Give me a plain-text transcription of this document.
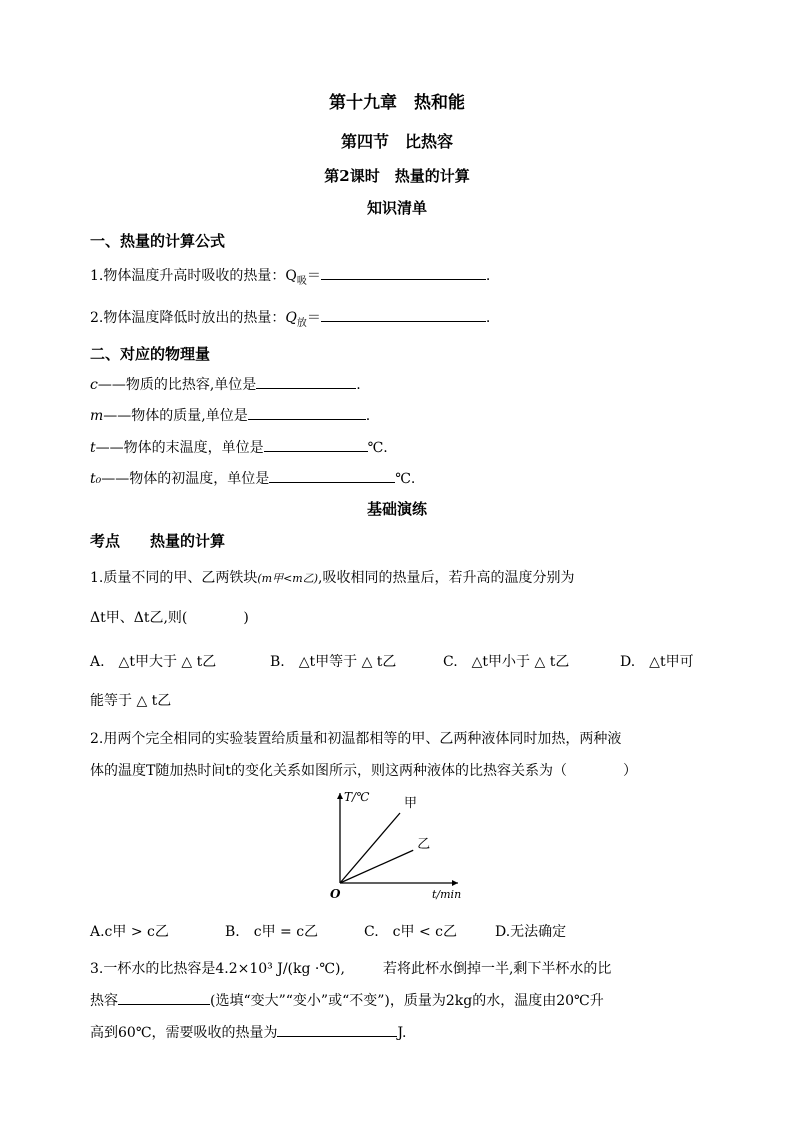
第十九章　热和能
第四节　比热容
第2课时　热量的计算
知识清单
一、热量的计算公式
1.物体温度升高时吸收的热量：$Q_吸=$	.
2.物体温度降低时放出的热量：$Q_放=$	.
二、对应的物理量
c——物质的比热容,单位是	.
m——物体的质量,单位是	.
t——物体的末温度，单位是	℃.
t₀——物体的初温度，单位是	℃.
基础演练
考点　　热量的计算
1.质量不同的甲、乙两铁块(m甲<m乙),吸收相同的热量后，若升高的温度分别为
Δt甲、Δt乙,则(　　　　)
A.　△t甲大于 △ t乙	B.　△t甲等于 △ t乙	C.　△t甲小于 △ t乙	D.　△t甲可
能等于 △ t乙
2.用两个完全相同的实验装置给质量和初温都相等的甲、乙两种液体同时加热，两种液
体的温度T随加热时间t的变化关系如图所示，则这两种液体的比热容关系为（　　　　）
T/℃
t/min
O
甲
乙
A.c甲 > c乙	B.　c甲 = c乙	C.　c甲 < c乙	D.无法确定
3.一杯水的比热容是4.2×10³ J/(kg ·℃),	若将此杯水倒掉一半,剩下半杯水的比
热容	(选填“变大”“变小”或“不变”)，质量为2kg的水，温度由20℃升
高到60℃，需要吸收的热量为	J.
